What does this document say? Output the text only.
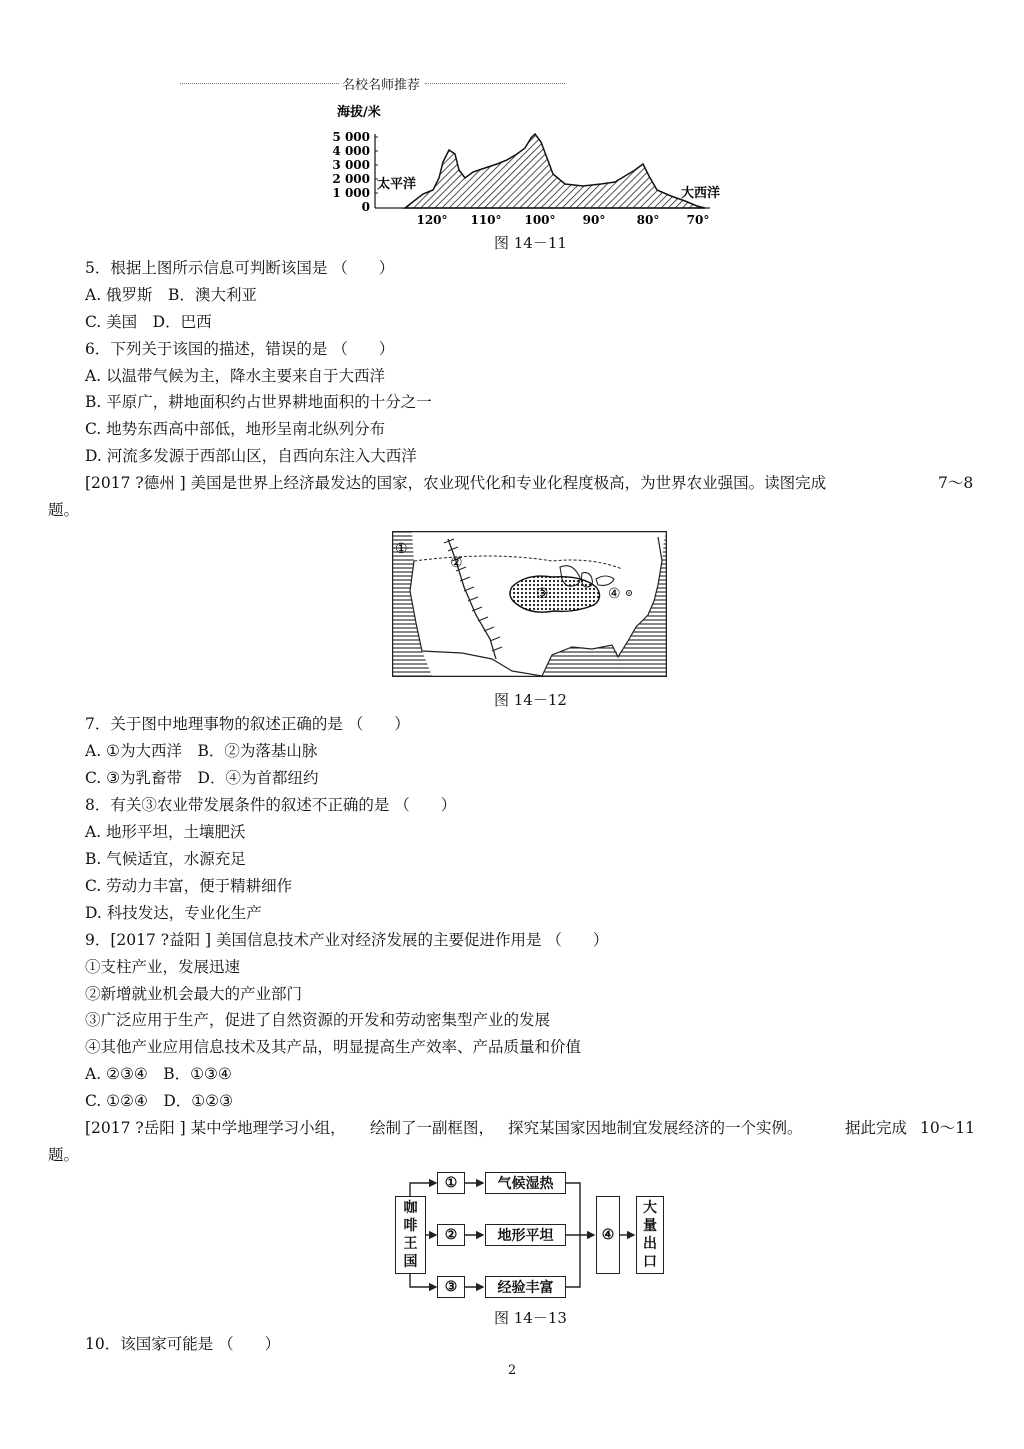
名校名师推荐
海拔/米
5 000
4 000
3 000
2 000
1 000
0
太平洋
大西洋
120° 110° 100° 90°	80° 70°
图 14－11
5．根据上图所示信息可判断该国是 （　　）
A. 俄罗斯　B．澳大利亚
C. 美国　D．巴西
6．下列关于该国的描述，错误的是 （　　）
A. 以温带气候为主，降水主要来自于大西洋
B. 平原广，耕地面积约占世界耕地面积的十分之一
C. 地势东西高中部低，地形呈南北纵列分布
D. 河流多发源于西部山区，自西向东注入大西洋
[2017 ?德州 ] 美国是世界上经济最发达的国家，农业现代化和专业化程度极高，为世界农业强国。读图完成	7～8
题。
①
②
③	④
图 14－12
7．关于图中地理事物的叙述正确的是 （　　）
A. ①为大西洋　B．②为落基山脉
C. ③为乳畜带　D．④为首都纽约
8．有关③农业带发展条件的叙述不正确的是 （　　）
A. 地形平坦，土壤肥沃
B. 气候适宜，水源充足
C. 劳动力丰富，便于精耕细作
D. 科技发达，专业化生产
9．[2017 ?益阳 ] 美国信息技术产业对经济发展的主要促进作用是 （　　）
①支柱产业，发展迅速
②新增就业机会最大的产业部门
③广泛应用于生产，促进了自然资源的开发和劳动密集型产业的发展
④其他产业应用信息技术及其产品，明显提高生产效率、产品质量和价值
A. ②③④　B．①③④
C. ①②④　D．①②③
[2017 ?岳阳 ] 某中学地理学习小组， 绘制了一副框图， 探究某国家因地制宜发展经济的一个实例。	据此完成 10～11
题。
咖
啡
王
国
①
②
③
气候湿热
地形平坦
经验丰富
④
大
量
出
口
图 14－13
10．该国家可能是 （　　）
2
